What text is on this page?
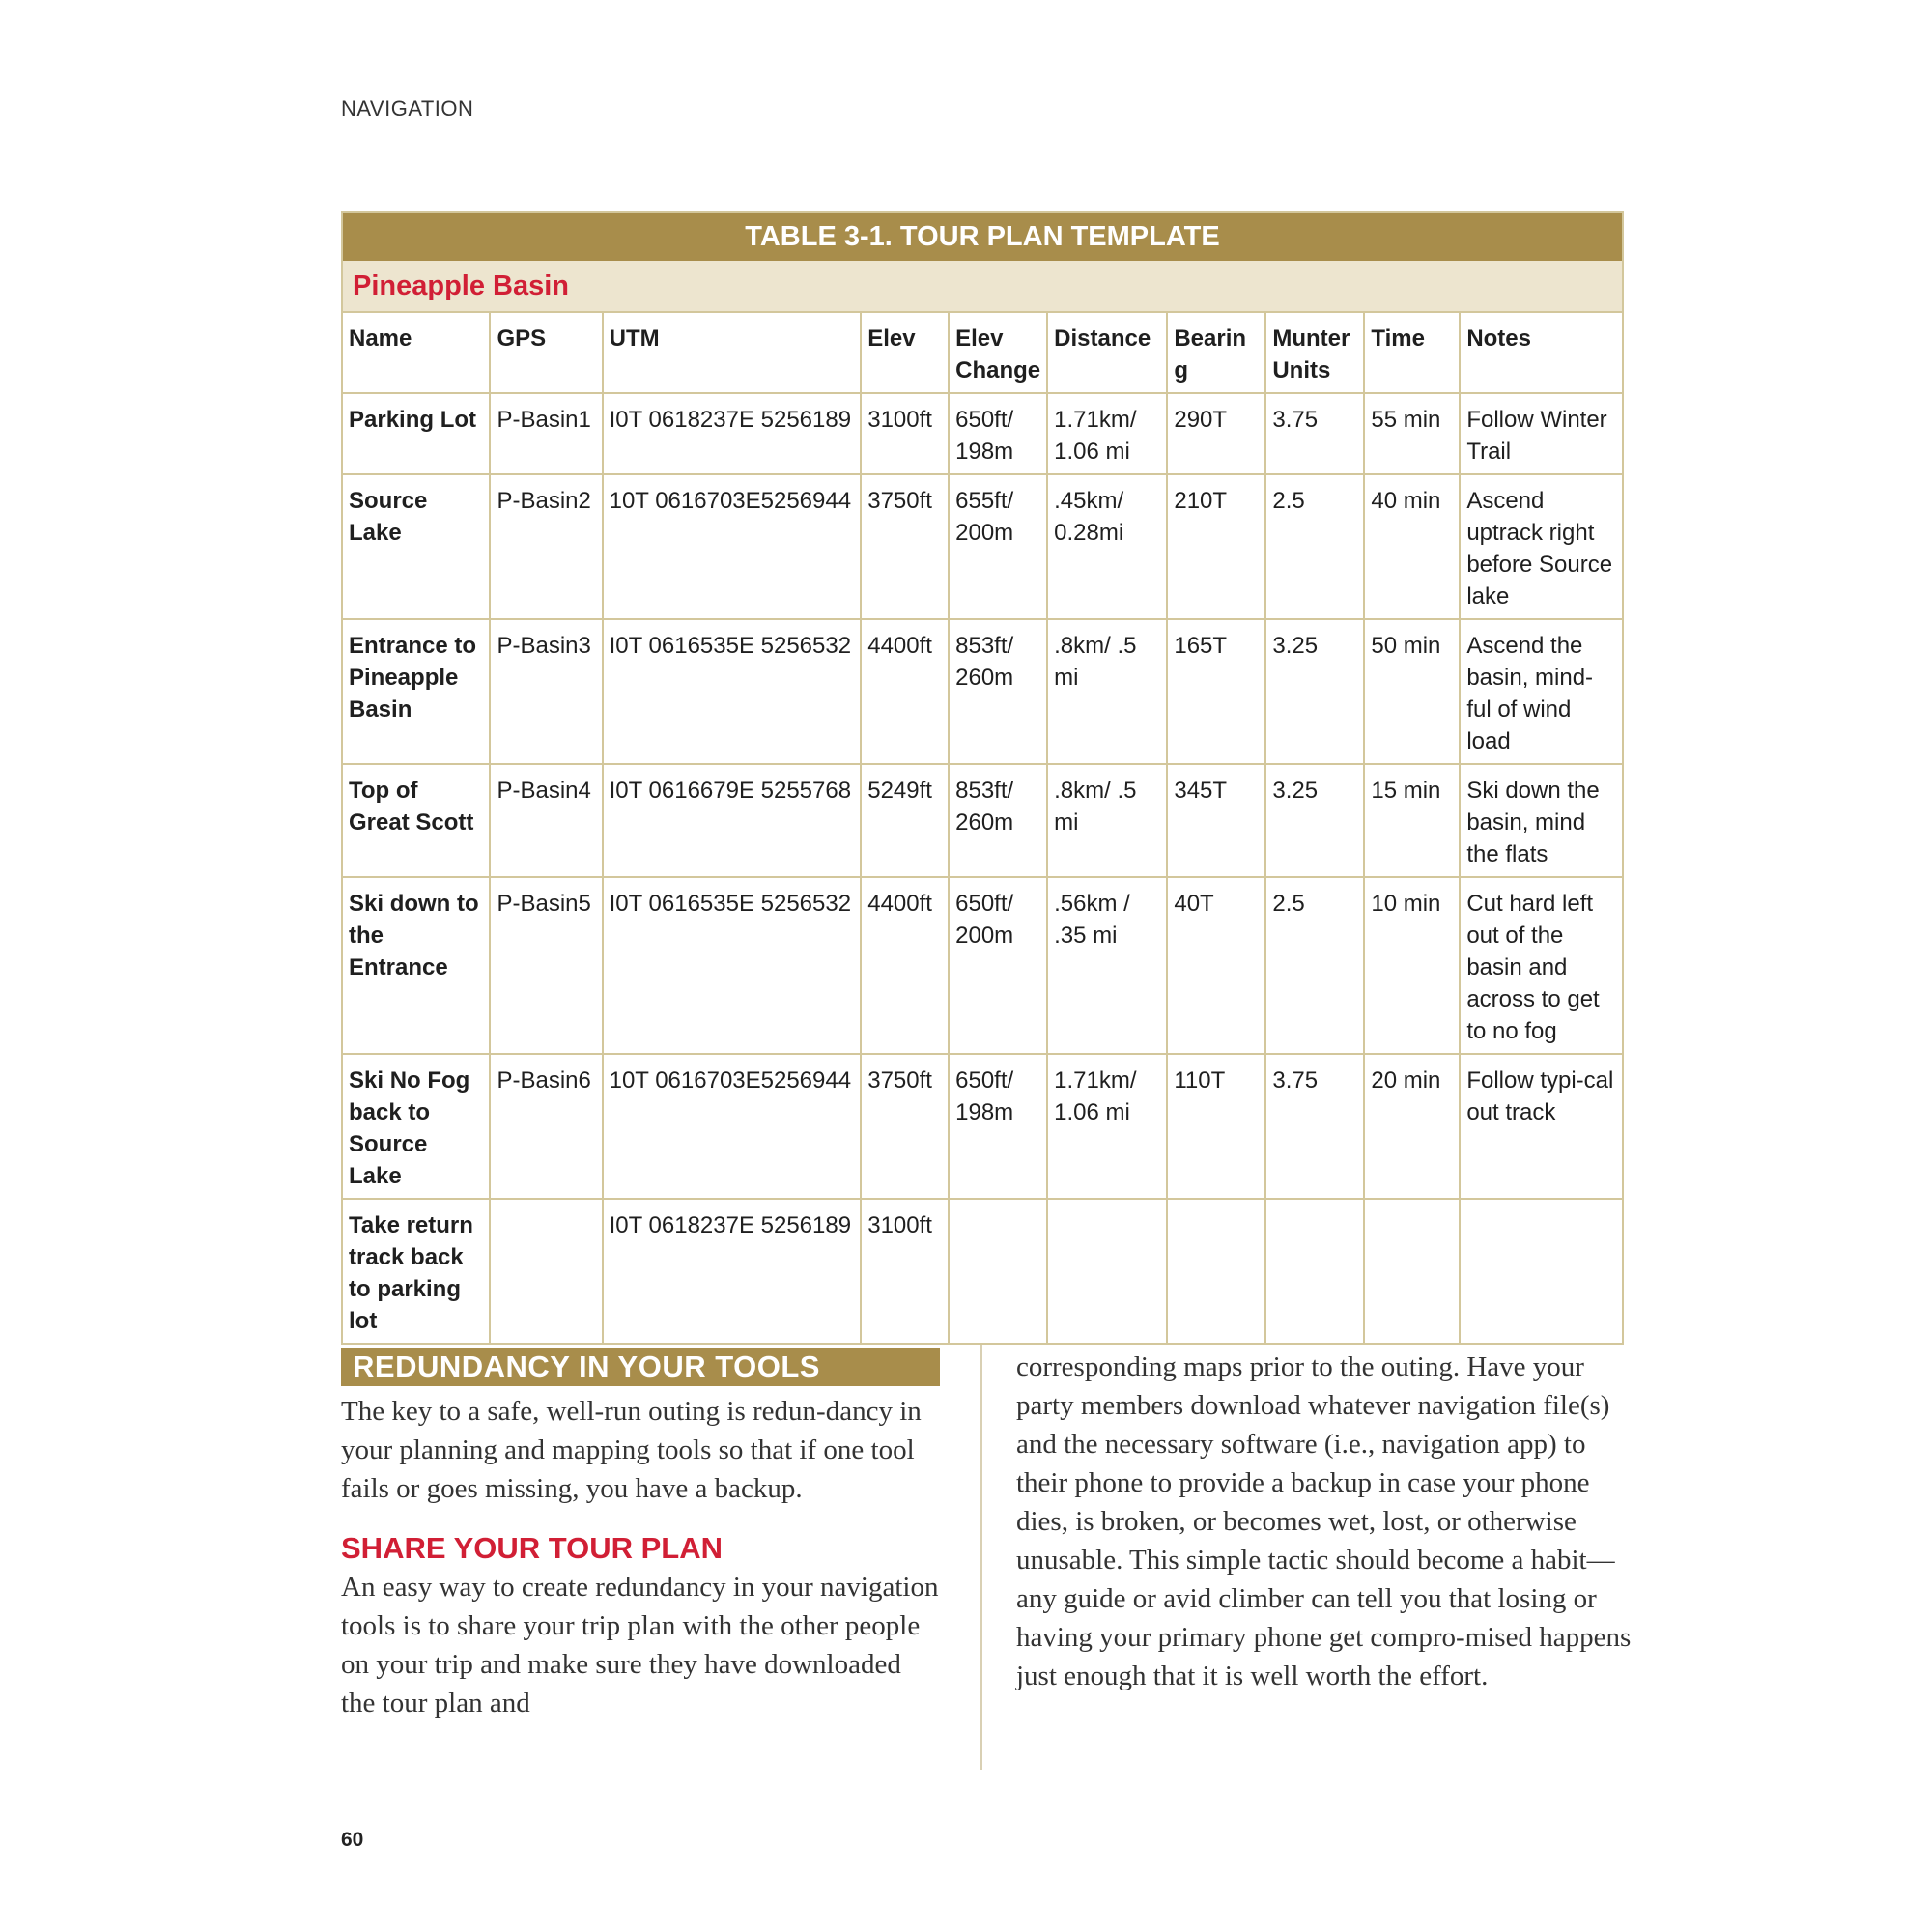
NAVIGATION
TABLE 3-1. TOUR PLAN TEMPLATE
Pineapple Basin
Name	GPS	UTM	Elev	Elev Change	Distance	Bearing	Munter Units	Time	Notes
Parking Lot	P-Basin1	I0T 0618237E 5256189	3100ft	650ft/ 198m	1.71km/ 1.06 mi	290T	3.75	55 min	Follow Winter Trail
Source Lake	P-Basin2	10T 0616703E5256944	3750ft	655ft/ 200m	.45km/ 0.28mi	210T	2.5	40 min	Ascend uptrack right before Source lake
Entrance to Pineapple Basin	P-Basin3	I0T 0616535E 5256532	4400ft	853ft/ 260m	.8km/ .5 mi	165T	3.25	50 min	Ascend the basin, mind-ful of wind load
Top of Great Scott	P-Basin4	I0T 0616679E 5255768	5249ft	853ft/ 260m	.8km/ .5 mi	345T	3.25	15 min	Ski down the basin, mind the flats
Ski down to the Entrance	P-Basin5	I0T 0616535E 5256532	4400ft	650ft/ 200m	.56km / .35 mi	40T	2.5	10 min	Cut hard left out of the basin and across to get to no fog
Ski No Fog back to Source Lake	P-Basin6	10T 0616703E5256944	3750ft	650ft/ 198m	1.71km/ 1.06 mi	110T	3.75	20 min	Follow typi-cal out track
Take return track back to parking lot		I0T 0618237E 5256189	3100ft						
REDUNDANCY IN YOUR TOOLS

The key to a safe, well-run outing is redun-dancy in your planning and mapping tools so that if one tool fails or goes missing, you have a backup.

SHARE YOUR TOUR PLAN

An easy way to create redundancy in your navigation tools is to share your trip plan with the other people on your trip and make sure they have downloaded the tour plan and

corresponding maps prior to the outing. Have your party members download whatever navigation file(s) and the necessary software (i.e., navigation app) to their phone to provide a backup in case your phone dies, is broken, or becomes wet, lost, or otherwise unusable. This simple tactic should become a habit—any guide or avid climber can tell you that losing or having your primary phone get compro-mised happens just enough that it is well worth the effort.

60
